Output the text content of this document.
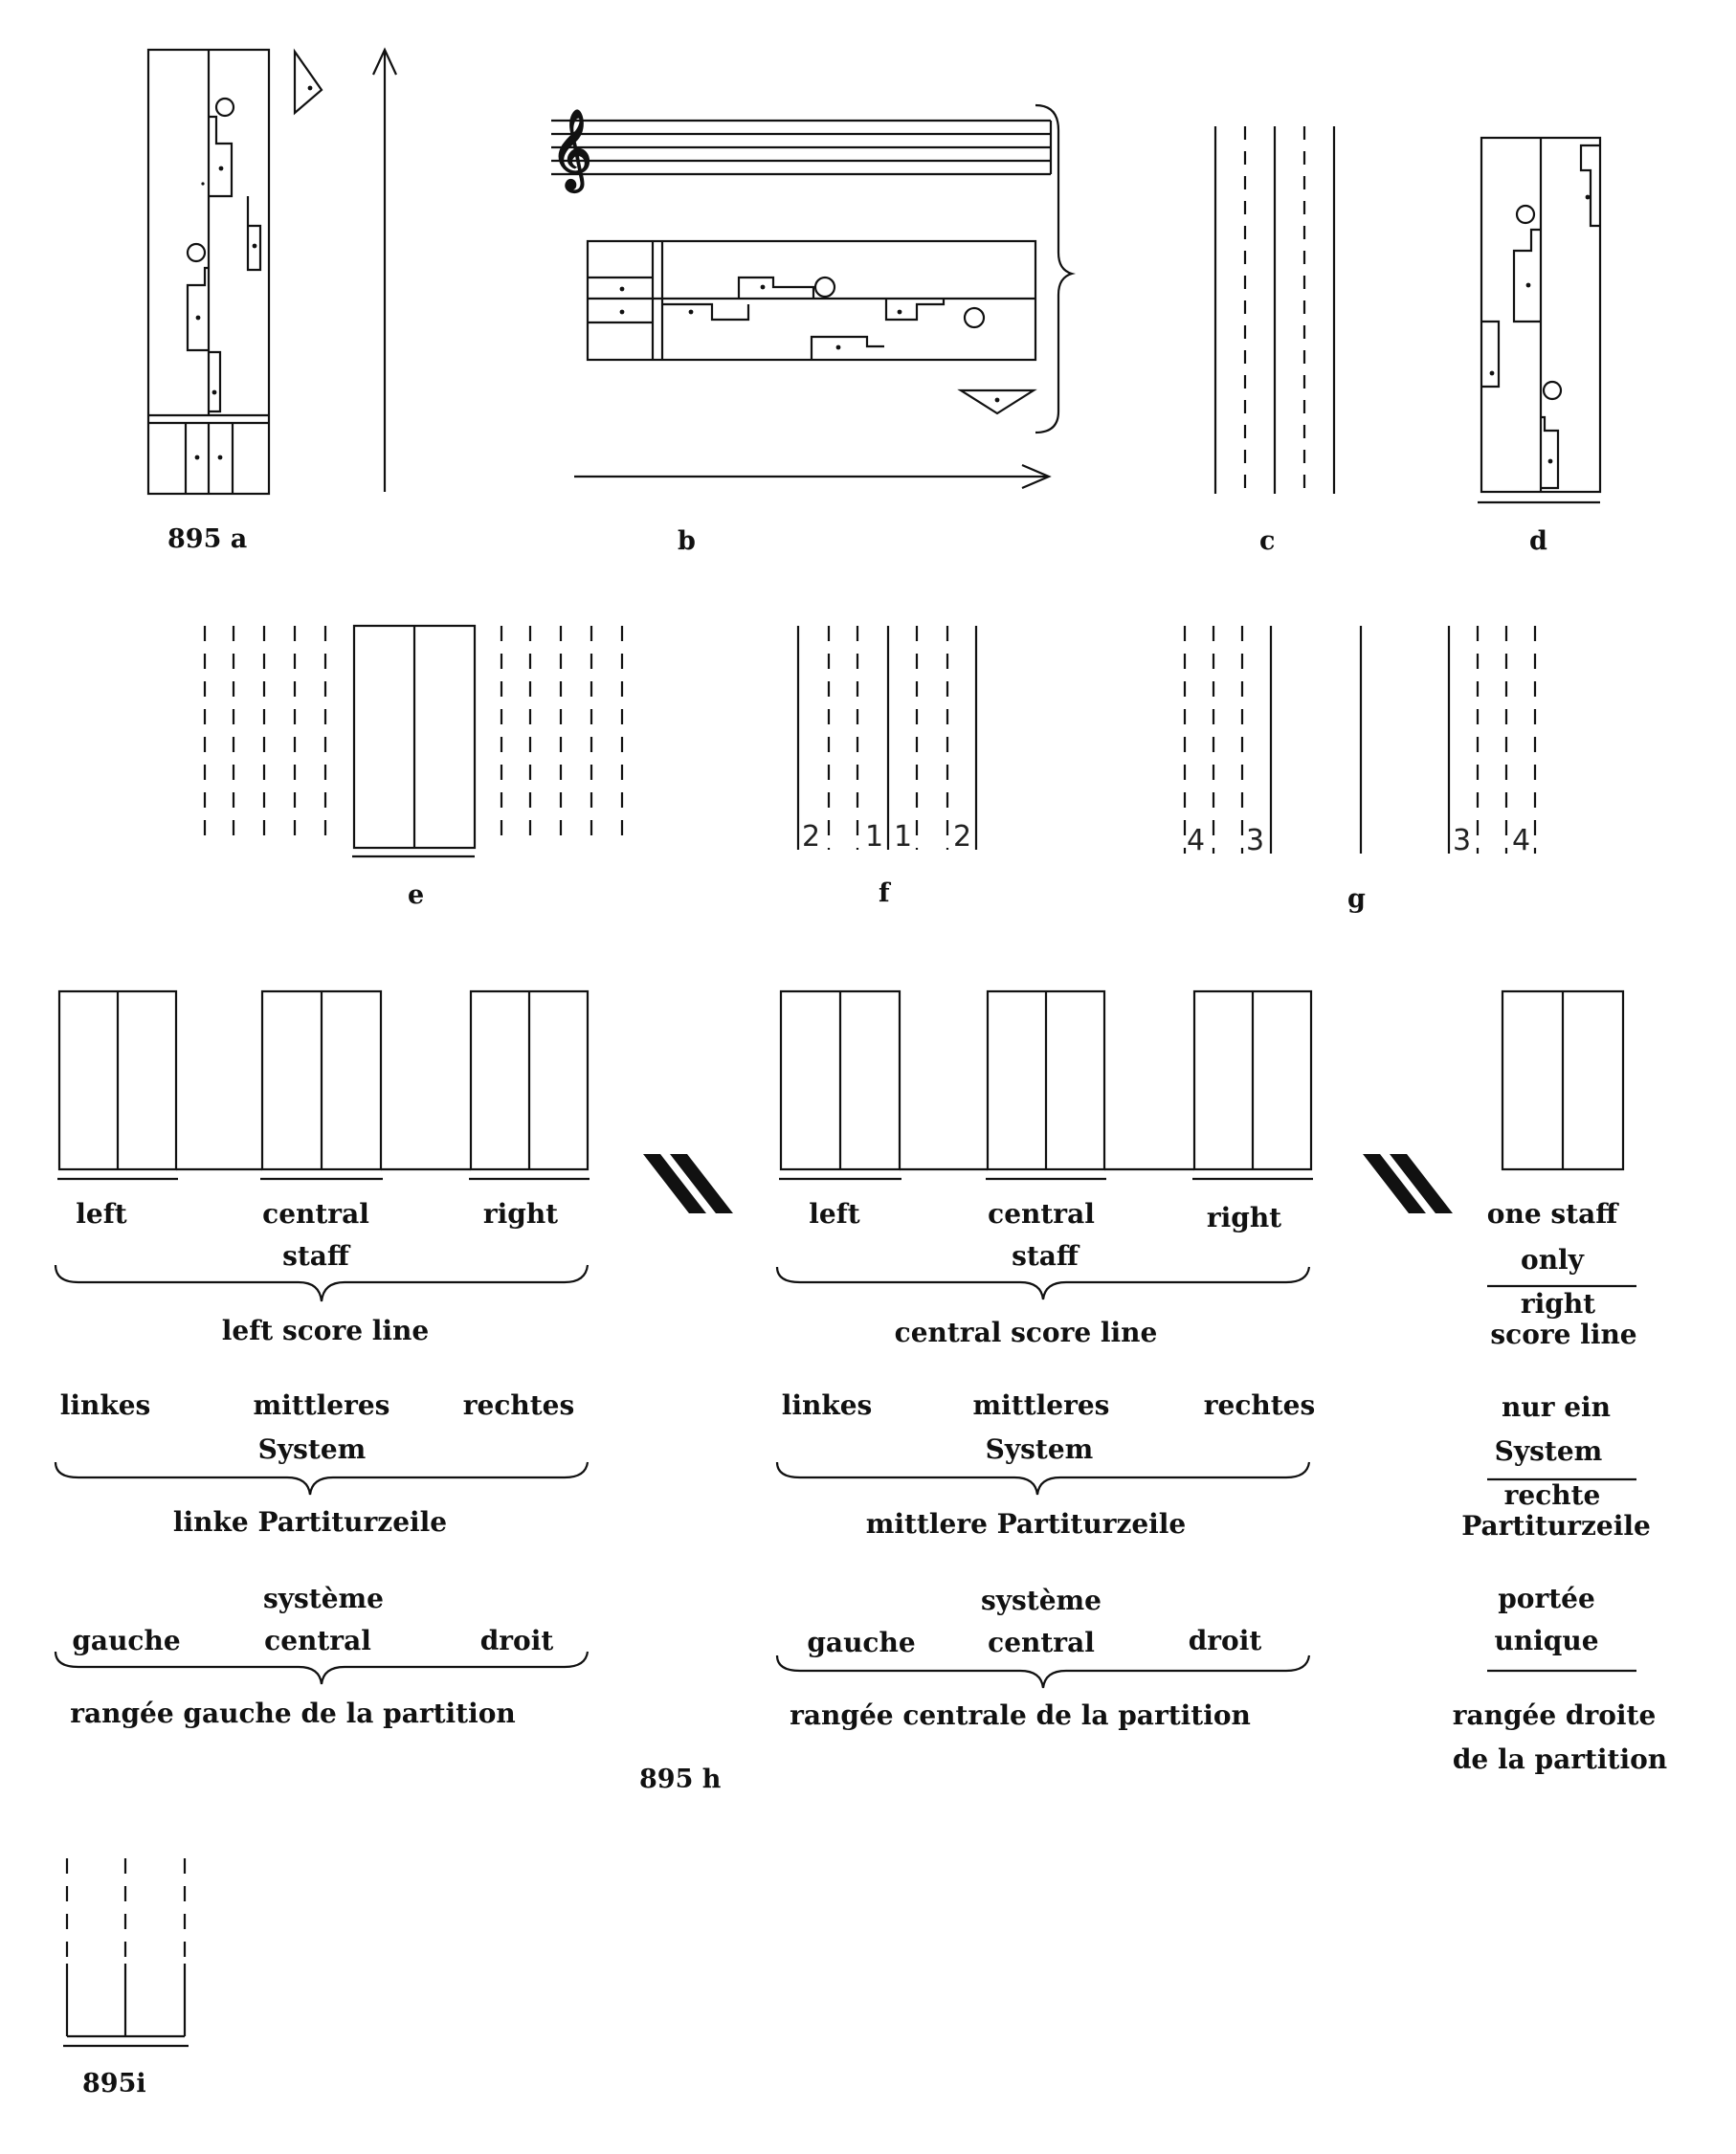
𝄞
895 a	b	c	d
e	f	g
895 h
895i
2 1 1 2	4 3	3 4
left	central	right
staff
left score line
linkes	mittleres	rechtes
System
linke Partiturzeile
système
gauche	central	droit
rangée gauche de la partition
left	central	right
staff
central score line
linkes	mittleres	rechtes
System
mittlere Partiturzeile
système
gauche	central	droit
rangée centrale de la partition
one staff
only
right
score line
nur ein
System
rechte
Partiturzeile
portée
unique
rangée droite
de la partition
